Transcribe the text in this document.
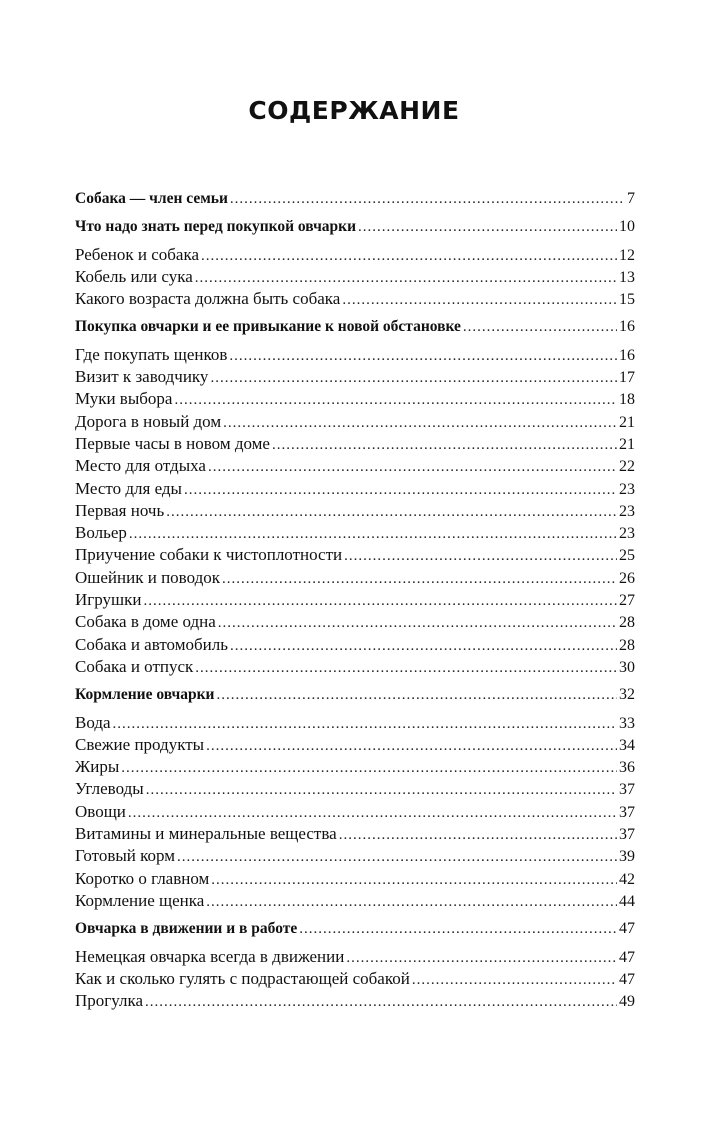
СОДЕРЖАНИЕ
Собака — член семьи .....	7
Что надо знать перед покупкой овчарки .....	10
Ребенок и собака .....	12
Кобель или сука .....	13
Какого возраста должна быть собака .....	15
Покупка овчарки и ее привыкание к новой обстановке .....	16
Где покупать щенков .....	16
Визит к заводчику .....	17
Муки выбора .....	18
Дорога в новый дом .....	21
Первые часы в новом доме .....	21
Место для отдыха .....	22
Место для еды .....	23
Первая ночь .....	23
Вольер .....	23
Приучение собаки к чистоплотности .....	25
Ошейник и поводок .....	26
Игрушки .....	27
Собака в доме одна .....	28
Собака и автомобиль .....	28
Собака и отпуск .....	30
Кормление овчарки .....	32
Вода .....	33
Свежие продукты .....	34
Жиры .....	36
Углеводы .....	37
Овощи .....	37
Витамины и минеральные вещества .....	37
Готовый корм .....	39
Коротко о главном .....	42
Кормление щенка .....	44
Овчарка в движении и в работе .....	47
Немецкая овчарка всегда в движении .....	47
Как и сколько гулять с подрастающей собакой .....	47
Прогулка .....	49
